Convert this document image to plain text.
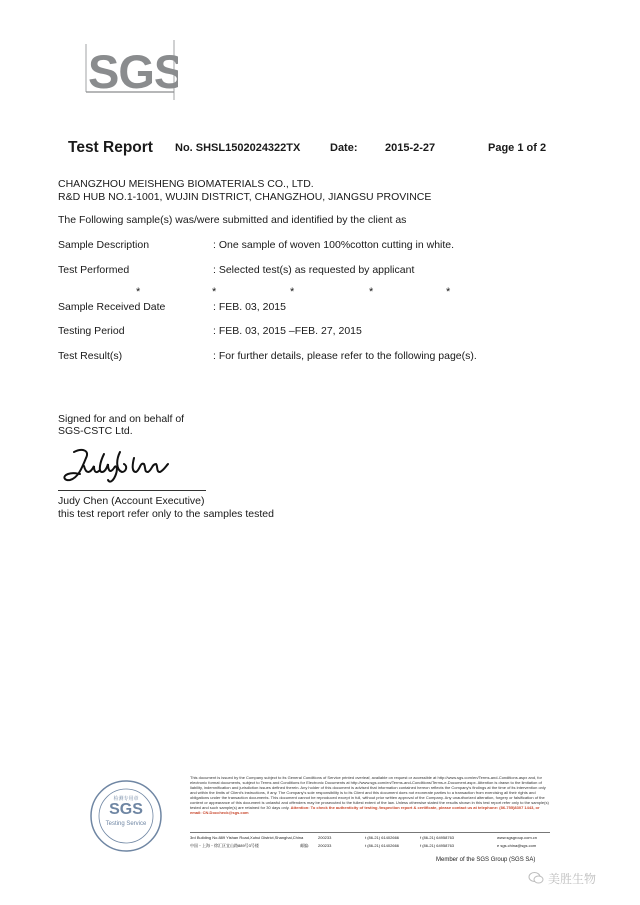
SGS
Test Report No. SHSL1502024322TX	Date: 2015-2-27	Page 1 of 2
CHANGZHOU MEISHENG BIOMATERIALS CO., LTD.
R&D HUB NO.1-1001, WUJIN DISTRICT, CHANGZHOU, JIANGSU PROVINCE
The Following sample(s) was/were submitted and identified by the client as
Sample Description	: One sample of woven 100%cotton cutting in white.
Test Performed	: Selected test(s) as requested by applicant
*	*	*	*	*
Sample Received Date	: FEB. 03, 2015
Testing Period	: FEB. 03, 2015 –FEB. 27, 2015
Test Result(s)	: For further details, please refer to the following page(s).
Signed for and on behalf of
SGS-CSTC Ltd.
Judy Chen (Account Executive)
this test report refer only to the samples tested
SGS
Testing Service
检测专用章
This document is issued by the Company subject to its General Conditions of Service printed overleaf, available on request or accessible at http://www.sgs.com/en/Terms-and-Conditions.aspx and, for electronic format documents, subject to Terms and Conditions for Electronic Documents at http://www.sgs.com/en/Terms-and-Conditions/Terms-e-Document.aspx. Attention is drawn to the limitation of liability, indemnification and jurisdiction issues defined therein. Any holder of this document is advised that information contained hereon reflects the Company's findings at the time of its intervention only and within the limits of Client's instructions, if any. The Company's sole responsibility is to its Client and this document does not exonerate parties to a transaction from exercising all their rights and obligations under the transaction documents. This document cannot be reproduced except in full, without prior written approval of the Company. Any unauthorized alteration, forgery or falsification of the content or appearance of this document is unlawful and offenders may be prosecuted to the fullest extent of the law. Unless otherwise stated the results shown in this test report refer only to the sample(s) tested and such sample(s) are retained for 30 days only. Attention: To check the authenticity of testing /inspection report & certificate, please contact us at telephone: (86-755)8307 1443, or email: CN.Doccheck@sgs.com
3rd Building No.889 Yishan Road,Xuhui District,Shanghai,China	200233	t (86-21) 61402666	f (86-21) 64958763	www.sgsgroup.com.cn
中国・上海・徐汇区宜山路889号3号楼	邮编: 200233	t (86-21) 61402666	f (86-21) 64958763	e sgs.china@sgs.com
Member of the SGS Group (SGS SA)
美胜生物
